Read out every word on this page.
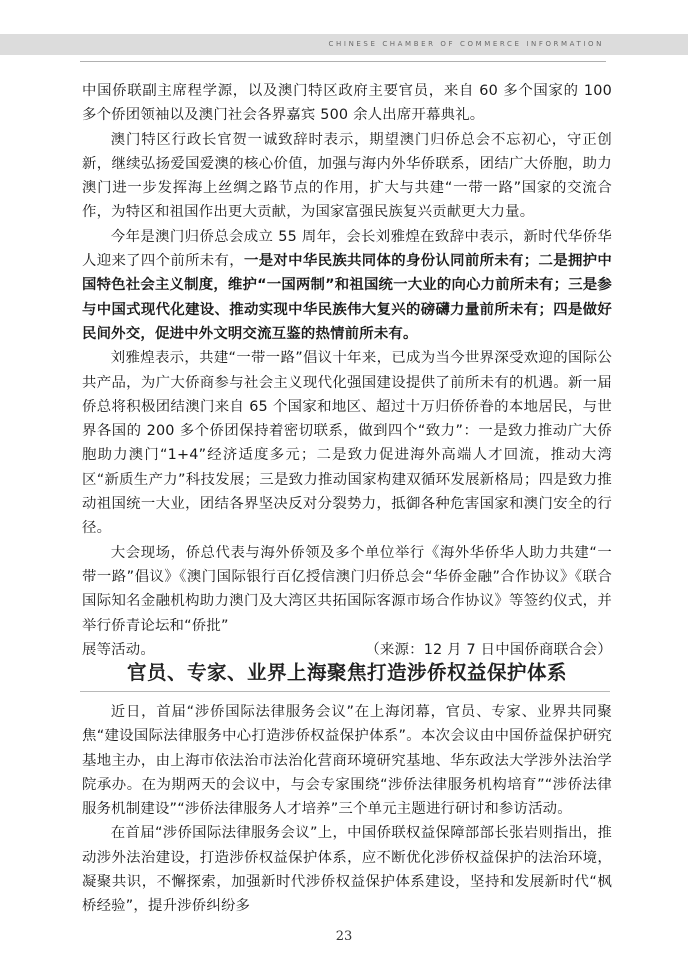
CHINESE CHAMBER OF COMMERCE INFORMATION

中国侨联副主席程学源，以及澳门特区政府主要官员，来自 60 多个国家的 100 多个侨团领袖以及澳门社会各界嘉宾 500 余人出席开幕典礼。

澳门特区行政长官贺一诚致辞时表示，期望澳门归侨总会不忘初心，守正创新，继续弘扬爱国爱澳的核心价值，加强与海内外华侨联系，团结广大侨胞，助力澳门进一步发挥海上丝绸之路节点的作用，扩大与共建“一带一路”国家的交流合作，为特区和祖国作出更大贡献，为国家富强民族复兴贡献更大力量。

今年是澳门归侨总会成立 55 周年，会长刘雅煌在致辞中表示，新时代华侨华人迎来了四个前所未有，一是对中华民族共同体的身份认同前所未有；二是拥护中国特色社会主义制度，维护“一国两制”和祖国统一大业的向心力前所未有；三是参与中国式现代化建设、推动实现中华民族伟大复兴的磅礴力量前所未有；四是做好民间外交，促进中外文明交流互鉴的热情前所未有。

刘雅煌表示，共建“一带一路”倡议十年来，已成为当今世界深受欢迎的国际公共产品，为广大侨商参与社会主义现代化强国建设提供了前所未有的机遇。新一届侨总将积极团结澳门来自 65 个国家和地区、超过十万归侨侨眷的本地居民，与世界各国的 200 多个侨团保持着密切联系，做到四个“致力”：一是致力推动广大侨胞助力澳门“1+4”经济适度多元；二是致力促进海外高端人才回流，推动大湾区“新质生产力”科技发展；三是致力推动国家构建双循环发展新格局；四是致力推动祖国统一大业，团结各界坚决反对分裂势力，抵御各种危害国家和澳门安全的行径。

大会现场，侨总代表与海外侨领及多个单位举行《海外华侨华人助力共建“一带一路”倡议》《澳门国际银行百亿授信澳门归侨总会“华侨金融”合作协议》《联合国际知名金融机构助力澳门及大湾区共拓国际客源市场合作协议》等签约仪式，并举行侨青论坛和“侨批”

展等活动。	（来源：12 月 7 日中国侨商联合会）

官员、专家、业界上海聚焦打造涉侨权益保护体系

近日，首届“涉侨国际法律服务会议”在上海闭幕，官员、专家、业界共同聚焦“建设国际法律服务中心打造涉侨权益保护体系”。本次会议由中国侨益保护研究基地主办，由上海市依法治市法治化营商环境研究基地、华东政法大学涉外法治学院承办。在为期两天的会议中，与会专家围绕“涉侨法律服务机构培育”“涉侨法律服务机制建设”“涉侨法律服务人才培养”三个单元主题进行研讨和参访活动。

在首届“涉侨国际法律服务会议”上，中国侨联权益保障部部长张岩则指出，推动涉外法治建设，打造涉侨权益保护体系，应不断优化涉侨权益保护的法治环境，凝聚共识，不懈探索，加强新时代涉侨权益保护体系建设，坚持和发展新时代“枫桥经验”，提升涉侨纠纷多

23
